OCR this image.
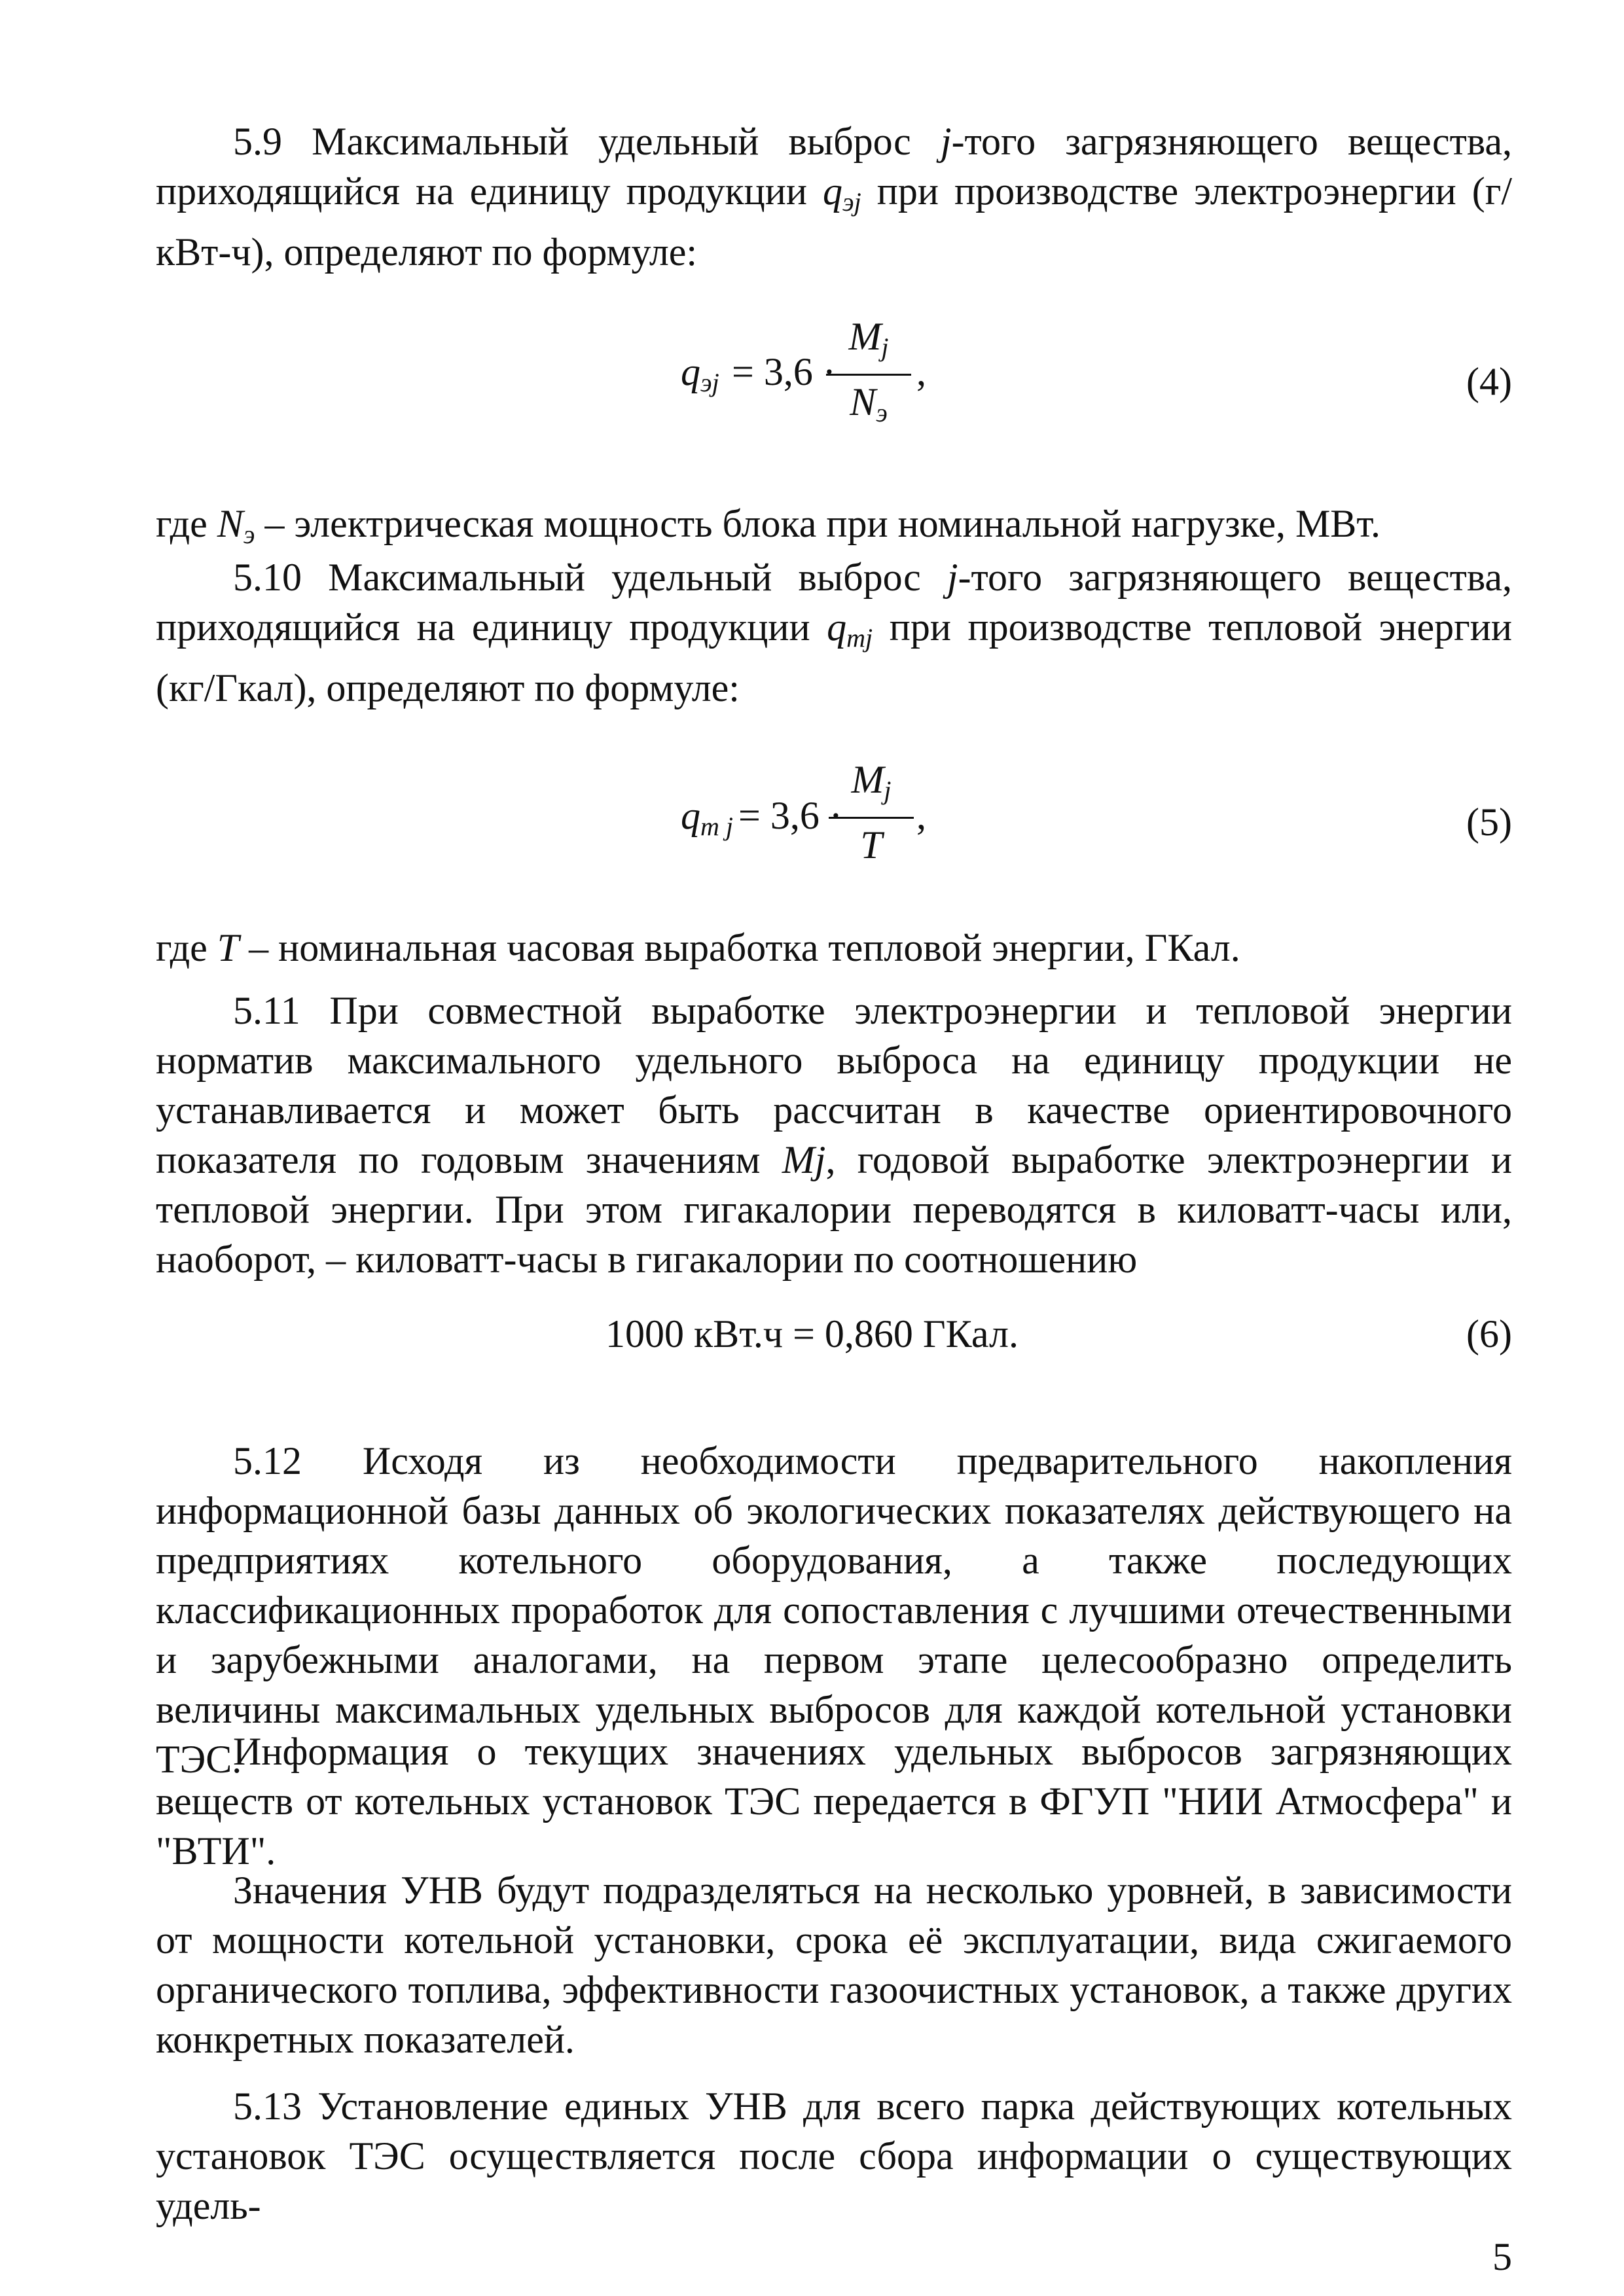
5.9 Максимальный удельный выброс j-того загрязняющего вещества, приходящийся на единицу продукции $q_{эj}$ при производстве электроэнергии (г/кВт-ч), определяют по формуле:
$q_{эj} = 3,6$ ·
$M_j$
$N_э$
,	(4)
где $N_э$ – электрическая мощность блока при номинальной нагрузке, МВт.
5.10 Максимальный удельный выброс j-того загрязняющего вещества, приходящийся на единицу продукции $q_{тj}$ при производстве тепловой энергии (кг/Гкал), определяют по формуле:
$q_{т j} = 3,6$ ·
$M_j$
T
,	(5)
где T – номинальная часовая выработка тепловой энергии, ГКал.
5.11 При совместной выработке электроэнергии и тепловой энергии норматив максимального удельного выброса на единицу продукции не устанавливается и может быть рассчитан в качестве ориентировочного показателя по годовым значениям Mj, годовой выработке электроэнергии и тепловой энергии. При этом гигакалории переводятся в киловатт-часы или, наоборот, – киловатт-часы в гигакалории по соотношению
1000 кВт.ч = 0,860 ГКал.	(6)
5.12 Исходя из необходимости предварительного накопления информационной базы данных об экологических показателях действующего на предприятиях котельного оборудования, а также последующих классификационных проработок для сопоставления с лучшими отечественными и зарубежными аналогами, на первом этапе целесообразно определить величины максимальных удельных выбросов для каждой котельной установки ТЭС.
Информация о текущих значениях удельных выбросов загрязняющих веществ от котельных установок ТЭС передается в ФГУП "НИИ Атмосфера" и "ВТИ".
Значения УНВ будут подразделяться на несколько уровней, в зависимости от мощности котельной установки, срока её эксплуатации, вида сжигаемого органического топлива, эффективности газоочистных установок, а также других конкретных показателей.
5.13 Установление единых УНВ для всего парка действующих котельных установок ТЭС осуществляется после сбора информации о существующих удель-
5
